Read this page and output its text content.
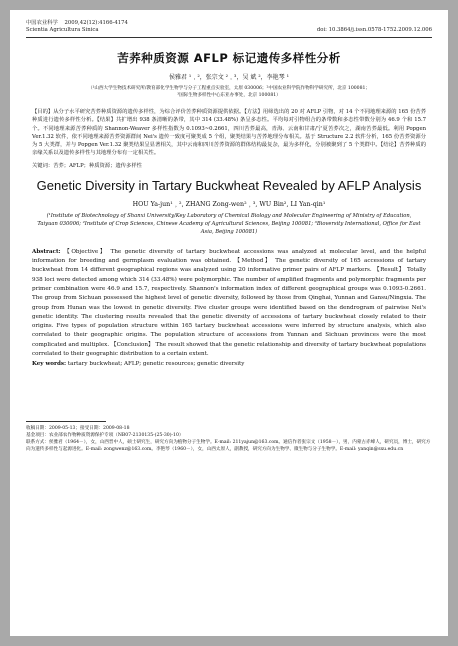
中国农业科学 2009,42(12):4166-4174
Scientia Agricultura Sinica	doi: 10.3864/j.issn.0578-1752.2009.12.006
苦荞种质资源 AFLP 标记遗传多样性分析
侯雅君 ¹﹐²，张宗文 ²﹐³，吴 斌 ²，李艳琴 ¹
（¹山西大学生物技术研究所/教育部化学生物学与分子工程重点实验室，太原 030006；²中国农业科学院作物科学研究所，北京 100081；
³国际生物多样性中心东亚办事处，北京 100081）

【目的】从分子水平研究苦荞种质资源的遗传多样性，为综合评价苦荞种质资源提供依据。【方法】用筛选出的 20 对 AFLP 引物，对 14 个不同地理来源的 165 份苦荞种质进行遗传多样性分析。【结果】共扩增出 938 条清晰的条带，其中 314 (33.48%) 条呈多态性。平均每对引物组合的条带数和多态性带数分别为 46.9 个和 15.7 个。不同地理来源苦荞种质的 Shannon-Weaver 多样性指数为 0.1093~0.2661，四川苦荞最高，青海、云南和甘肃/宁夏苦荞次之，湖南苦荞最低。利用 Popgen Ver.1.32 软件，依不同地理来源苦荞资源群间 Nei's 遗传一致度可聚类成 5 个组，聚类结果与苦荞地理分布相关。基于 Structure 2.2 软件分析，165 份苦荞资源分为 5 大类群，并与 Popgen Ver.1.32 聚类结果呈显著相关，其中云南和四川苦荞资源的群体结构最复杂，最为多样化，分别被聚到了 5 个类群中。【结论】苦荞种质的亲缘关系以及遗传多样性与其地理分布有一定相关性。

关键词：苦荞；AFLP；种质资源；遗传多样性
Genetic Diversity in Tartary Buckwheat Revealed by AFLP Analysis
HOU Ya-jun¹﹐², ZHANG Zong-wen²﹐³, WU Bin², LI Yan-qin¹
(¹Institute of Biotechnology of Shanxi University/Key Laboratory of Chemical Biology and Molecular Engineering of Ministry of Education, Taiyuan 030006; ²Institute of Crop Sciences, Chinese Academy of Agricultural Sciences, Beijing 100081; ³Bioversity International, Office for East Asia, Beijing 100081)

Abstract: 【Objective】 The genetic diversity of tartary buckwheat accessions was analyzed at molecular level, and the helpful information for breeding and germplasm evaluation was obtained. 【Method】 The genetic diversity of 165 accessions of tartary buckwheat from 14 different geographical regions was analyzed using 20 informative primer pairs of AFLP markers. 【Result】 Totally 938 loci were detected among which 314 (33.48%) were polymorphic. The number of amplified fragments and polymorphic fragments per primer combination were 46.9 and 15.7, respectively. Shannon's information index of different geographical groups was 0.1093-0.2661. The group from Sichuan possessed the highest level of genetic diversity, followed by those from Qinghai, Yunnan and Gansu/Ningxia. The group from Hunan was the lowest in genetic diversity. Five cluster groups were identified based on the dendrogram of pairwise Nei's genetic identity. The clustering results revealed that the genetic diversity of accessions of tartary buckwheat closely related to their origins. Five types of population structure within 165 tartary buckwheat accessions were inferred by structure analysis, which also correlated to their geographic origins. The population structure of accessions from Yunnan and Sichuan provinces were the most complicated and multiplex. 【Conclusion】 The result showed that the genetic relationship and diversity of tartary buckwheat populations correlated to their geographic distribution to a certain extent.

Key words: tartary buckwheat; AFLP; genetic resources; genetic diversity
收稿日期：2009-05-13；接受日期：2009-08-18
基金项目：农业部农作物种质资源保护专项（NB07-2130135-(25-30)-10）
联系方式：侯雅君（1964－），女，山西晋中人，硕士研究生，研究方向为植物分子生物学。E-mail: 211yajun@163.com。通信作者张宗文（1958－），男，内蒙古赤峰人，研究员，博士，研究方向为遗传多样性与起源进化。E-mail: zongwenz@163.com。李艳琴（1960－），女，山西太原人，副教授，研究方向为生物学、微生物与分子生物学。E-mail: yanqin@sxu.edu.cn
